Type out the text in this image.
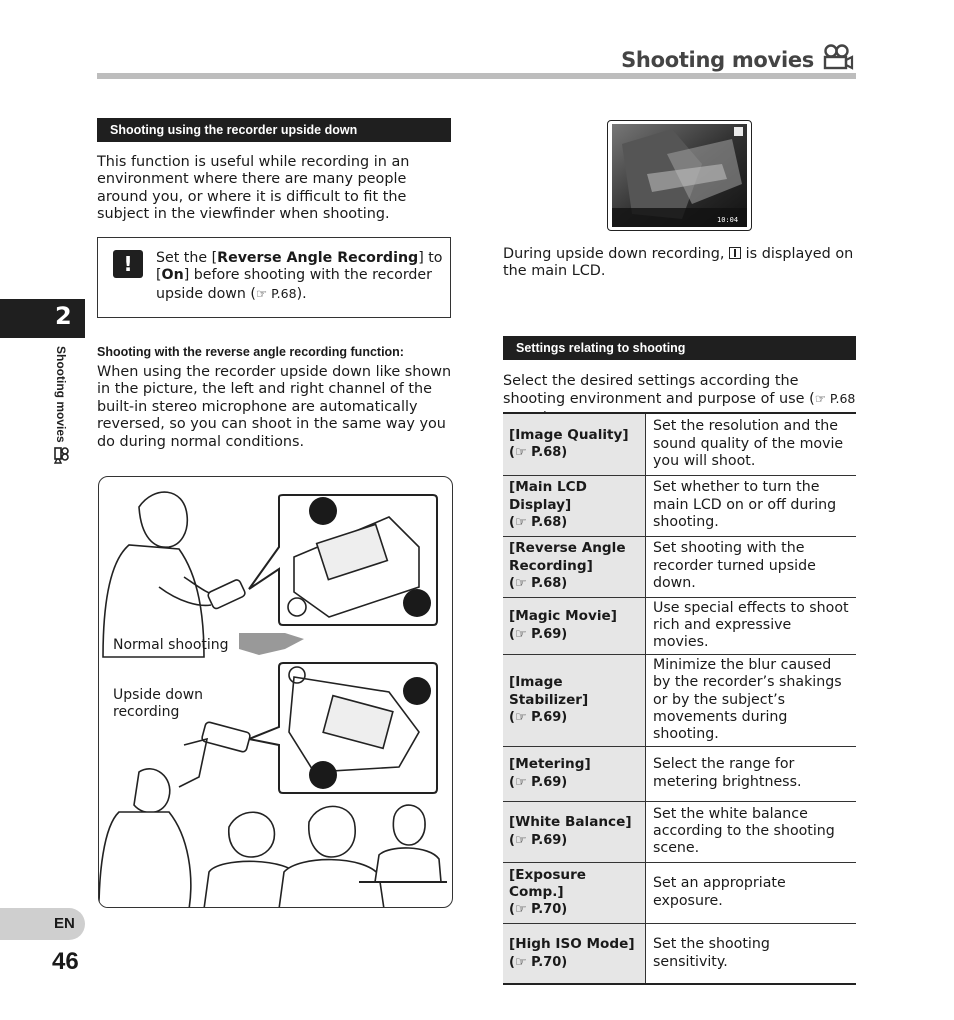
Shooting movies
2
Shooting movies
EN
46
Shooting using the recorder upside down
This function is useful while recording in an environment where there are many people around you, or where it is difficult to fit the subject in the viewfinder when shooting.
!	Set the [Reverse Angle Recording] to [On] before shooting with the recorder upside down (☞ P.68).
Shooting with the reverse angle recording function:
When using the recorder upside down like shown in the picture, the left and right channel of the built-in stereo microphone are automatically reversed, so you can shoot in the same way you do during normal conditions.
Normal shooting
Upside down
recording
10:04
During upside down recording, is displayed on the main LCD.
Settings relating to shooting
Select the desired settings according the shooting environment and purpose of use (☞ P.68
[Image Quality]
(☞ P.68)	Set the resolution and the sound quality of the movie you will shoot.

[Main LCD Display]
(☞ P.68)	Set whether to turn the main LCD on or off during shooting.

[Reverse Angle Recording]
(☞ P.68)	Set shooting with the recorder turned upside down.

[Magic Movie]
(☞ P.69)	Use special effects to shoot rich and expressive movies.

[Image Stabilizer]
(☞ P.69)	Minimize the blur caused by the recorder’s shakings or by the subject’s movements during shooting.

[Metering]
(☞ P.69)	Select the range for metering brightness.

[White Balance]
(☞ P.69)	Set the white balance according to the shooting scene.

[Exposure Comp.]
(☞ P.70)	Set an appropriate exposure.

[High ISO Mode]
(☞ P.70)	Set the shooting sensitivity.
